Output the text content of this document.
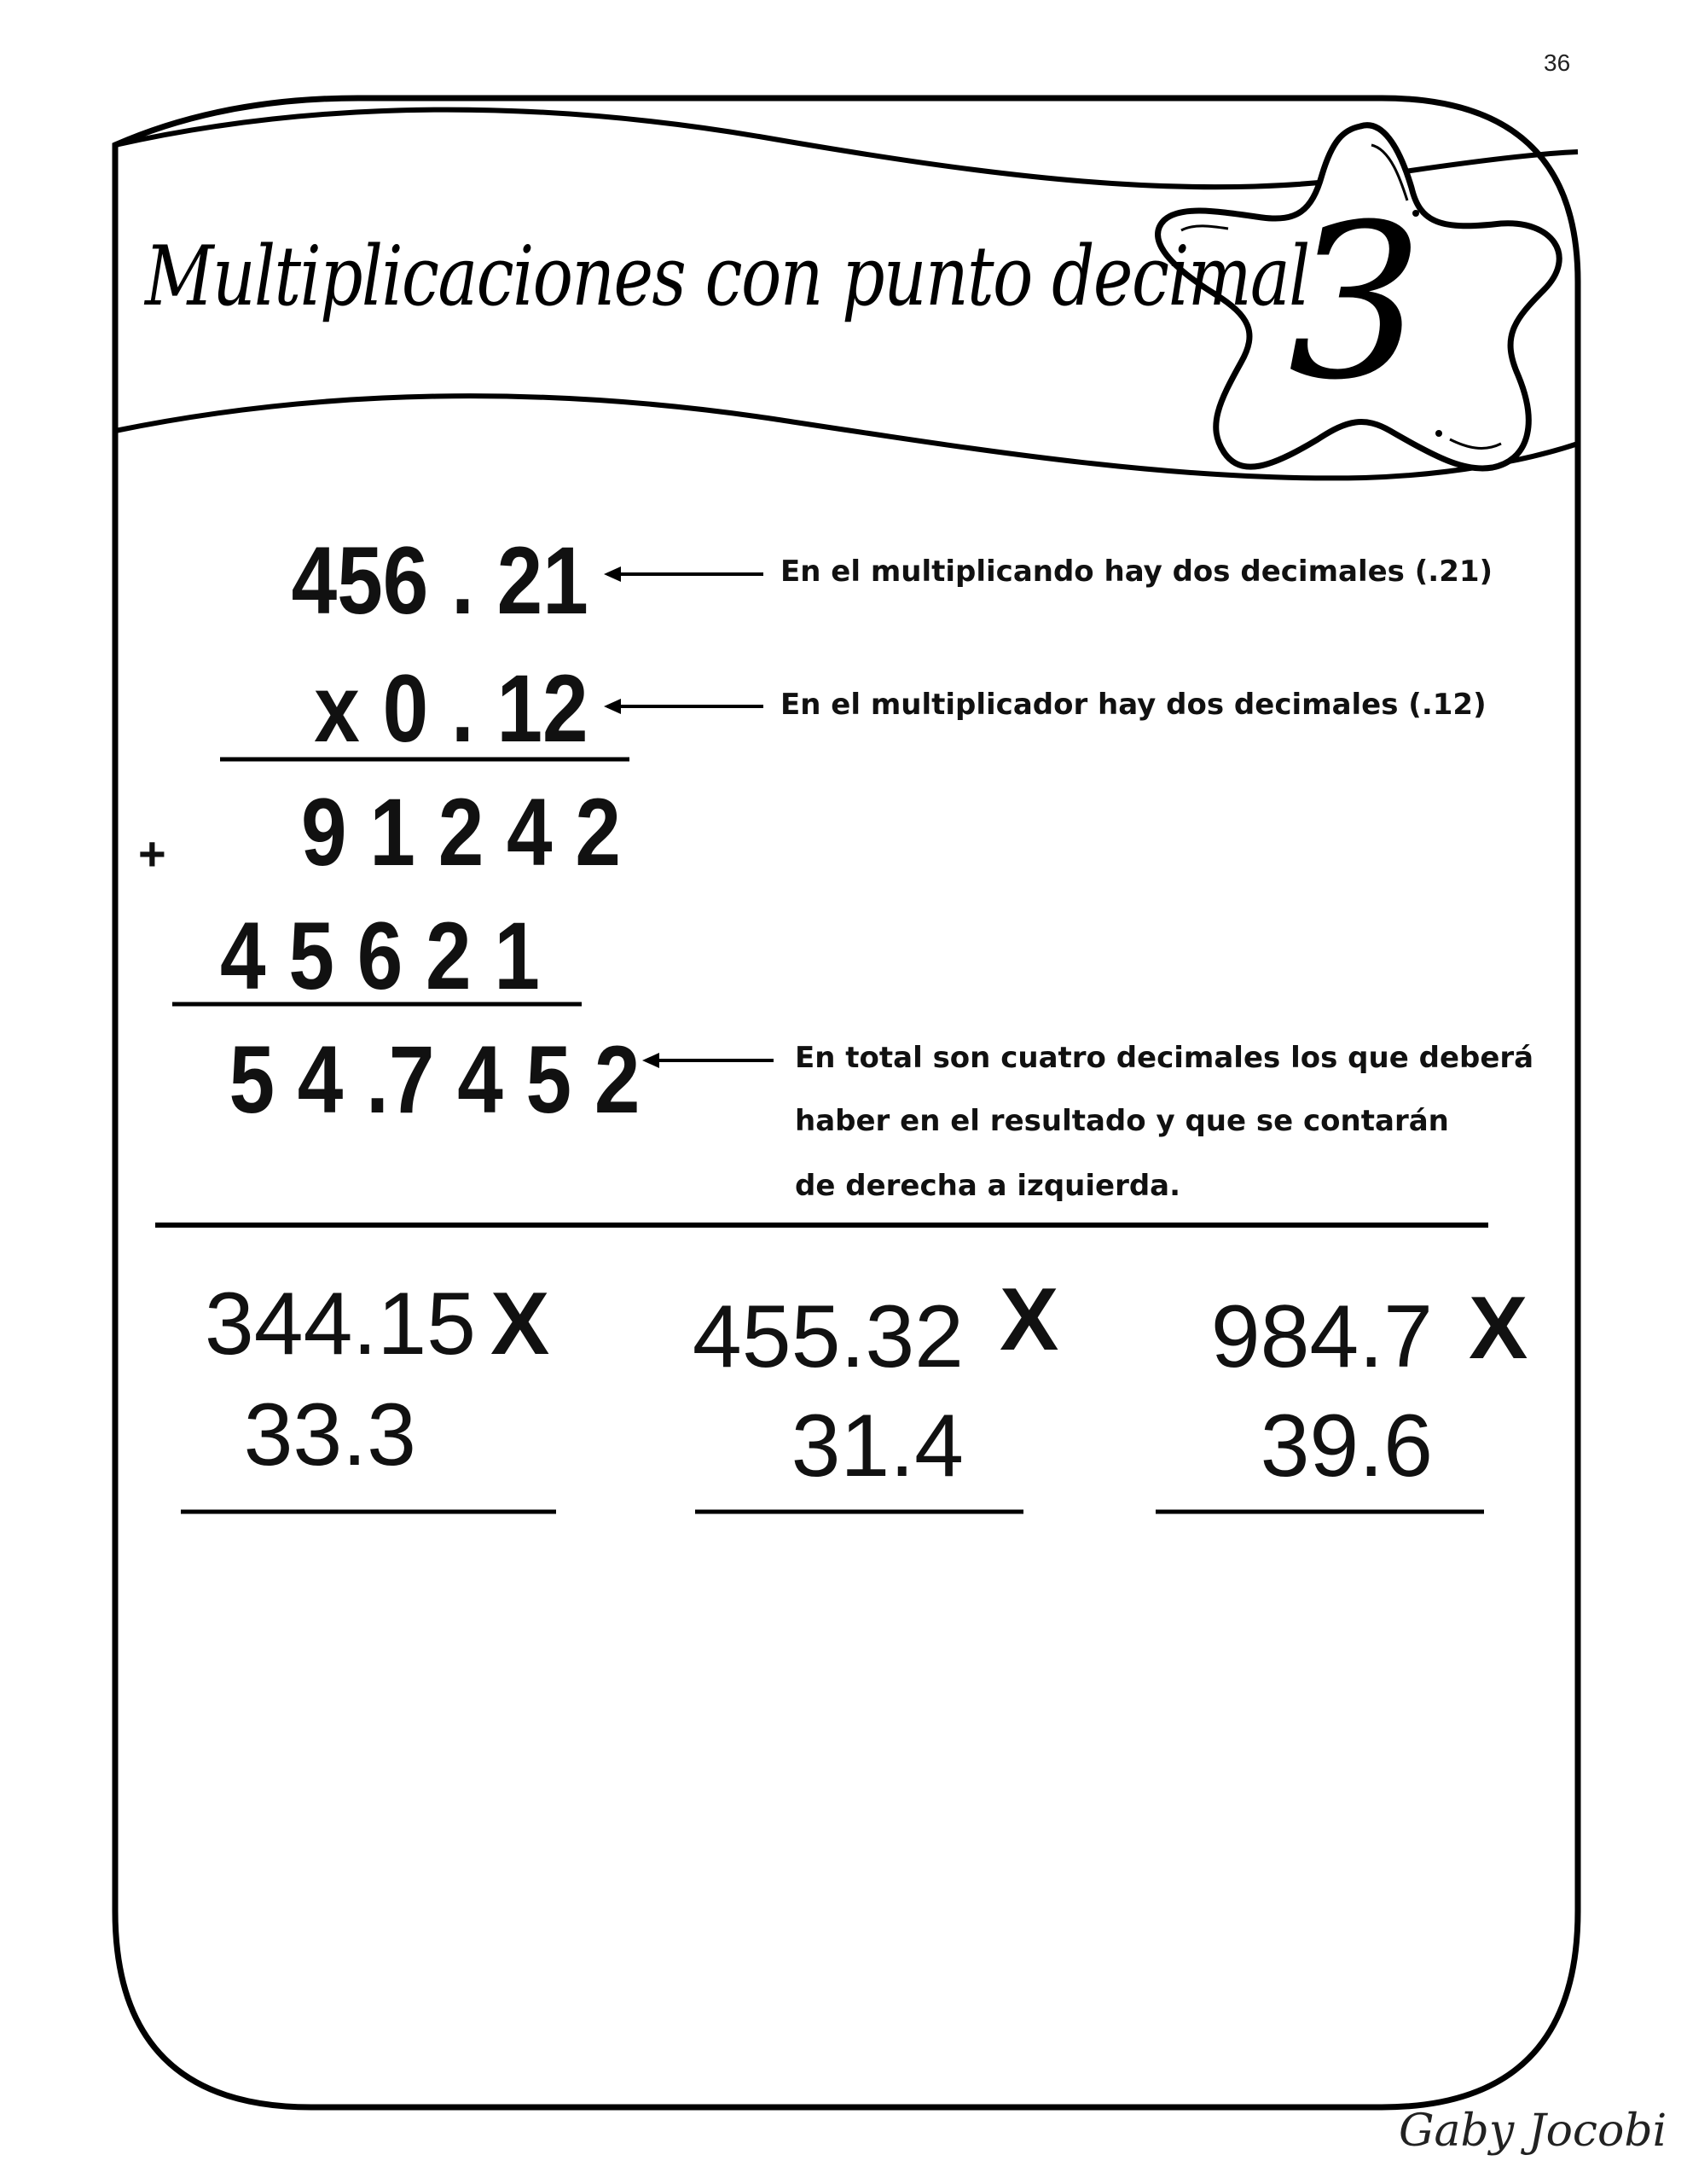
36
Multiplicaciones con punto decimal
3
456 . 21
x 0 . 12
+ 9 1 2 4 2
4 5 6 2 1
5 4 .7 4 5 2
En el multiplicando hay dos decimales (.21)
En el multiplicador hay dos decimales (.12)
En total son cuatro decimales los que deberá
haber en el resultado y que se contarán
de derecha a izquierda.
344.15 X
33.3
455.32 X
31.4
984.7 X
39.6
Gaby Jocobi
